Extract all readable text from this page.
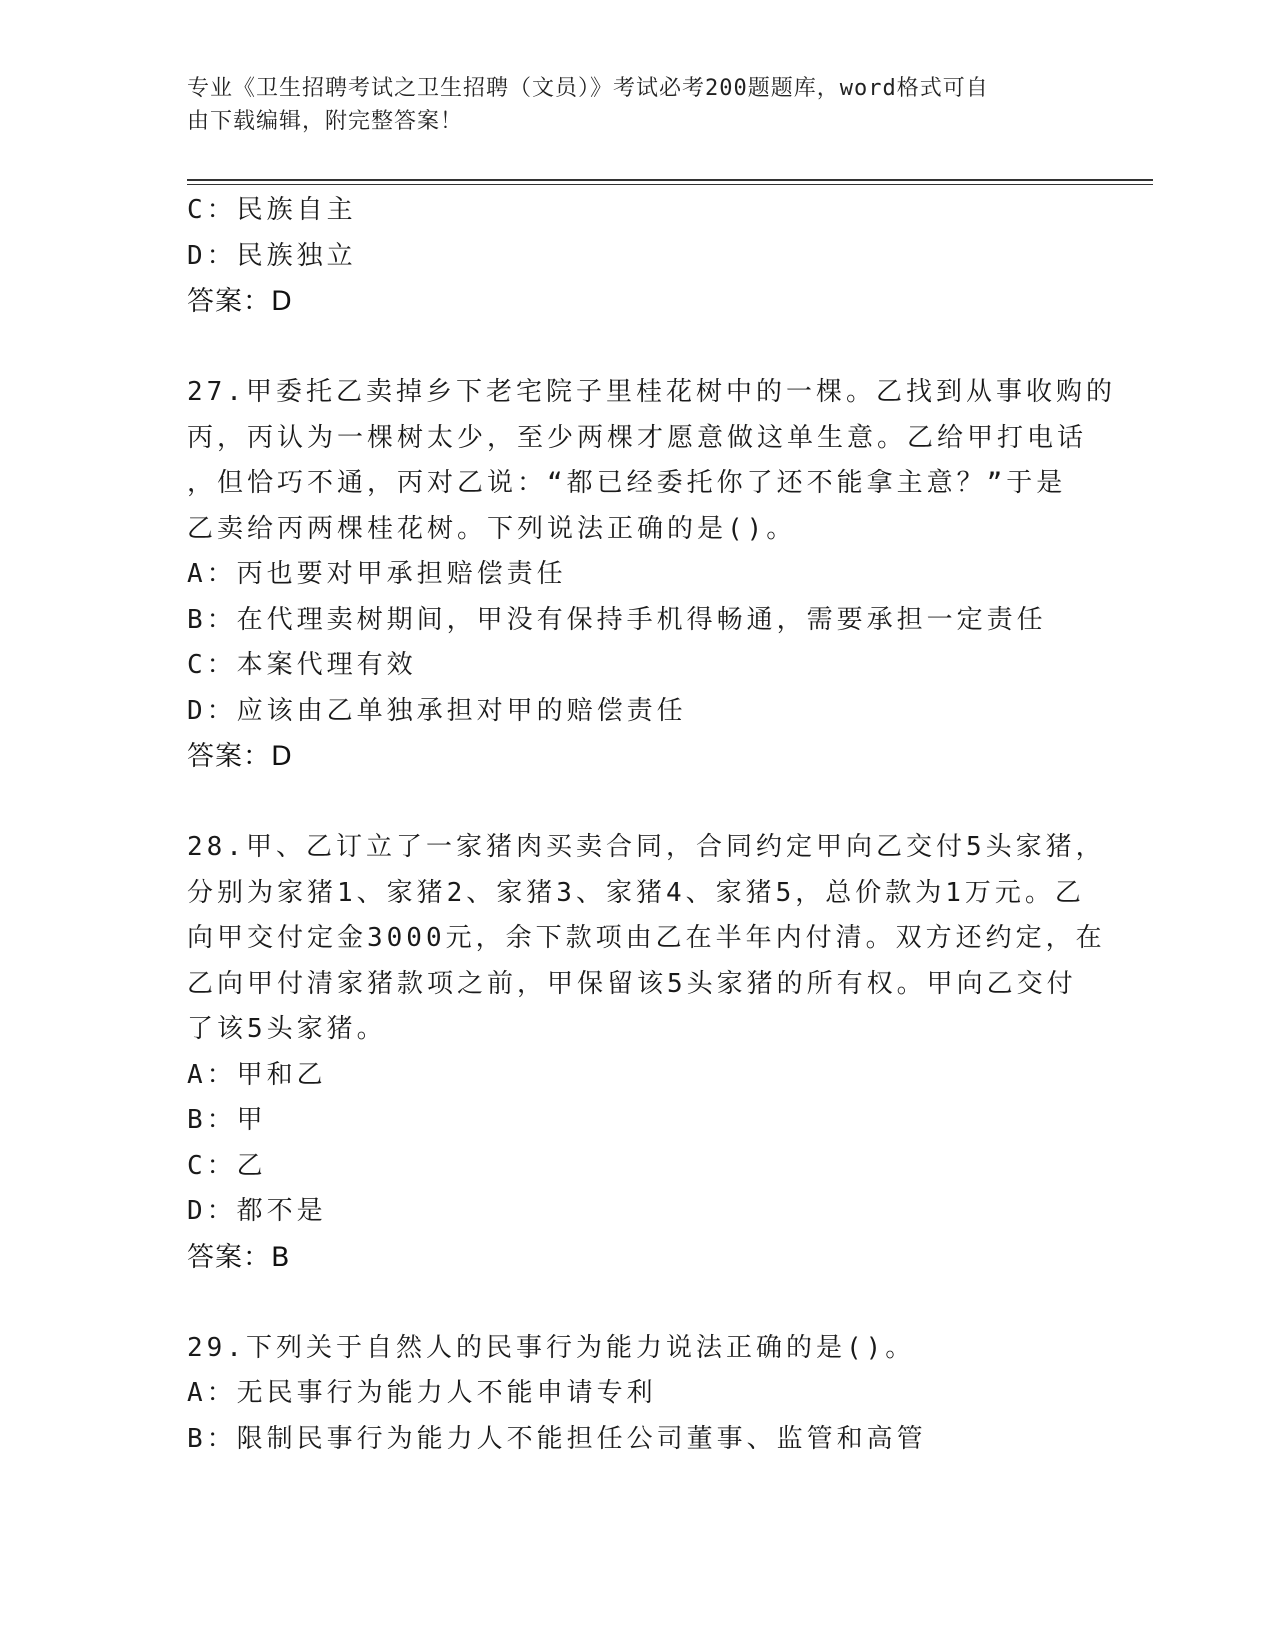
专业《卫生招聘考试之卫生招聘（文员）》考试必考200题题库，word格式可自
由下载编辑，附完整答案！
C：民族自主
D：民族独立
答案：D
27.甲委托乙卖掉乡下老宅院子里桂花树中的一棵。乙找到从事收购的
丙，丙认为一棵树太少，至少两棵才愿意做这单生意。乙给甲打电话
，但恰巧不通，丙对乙说：“都已经委托你了还不能拿主意？”于是
乙卖给丙两棵桂花树。下列说法正确的是()。
A：丙也要对甲承担赔偿责任
B：在代理卖树期间，甲没有保持手机得畅通，需要承担一定责任
C：本案代理有效
D：应该由乙单独承担对甲的赔偿责任
答案：D
28.甲、乙订立了一家猪肉买卖合同，合同约定甲向乙交付5头家猪，
分别为家猪1、家猪2、家猪3、家猪4、家猪5，总价款为1万元。乙
向甲交付定金3000元，余下款项由乙在半年内付清。双方还约定，在
乙向甲付清家猪款项之前，甲保留该5头家猪的所有权。甲向乙交付
了该5头家猪。
A：甲和乙
B：甲
C：乙
D：都不是
答案：B
29.下列关于自然人的民事行为能力说法正确的是()。
A：无民事行为能力人不能申请专利
B：限制民事行为能力人不能担任公司董事、监管和高管
